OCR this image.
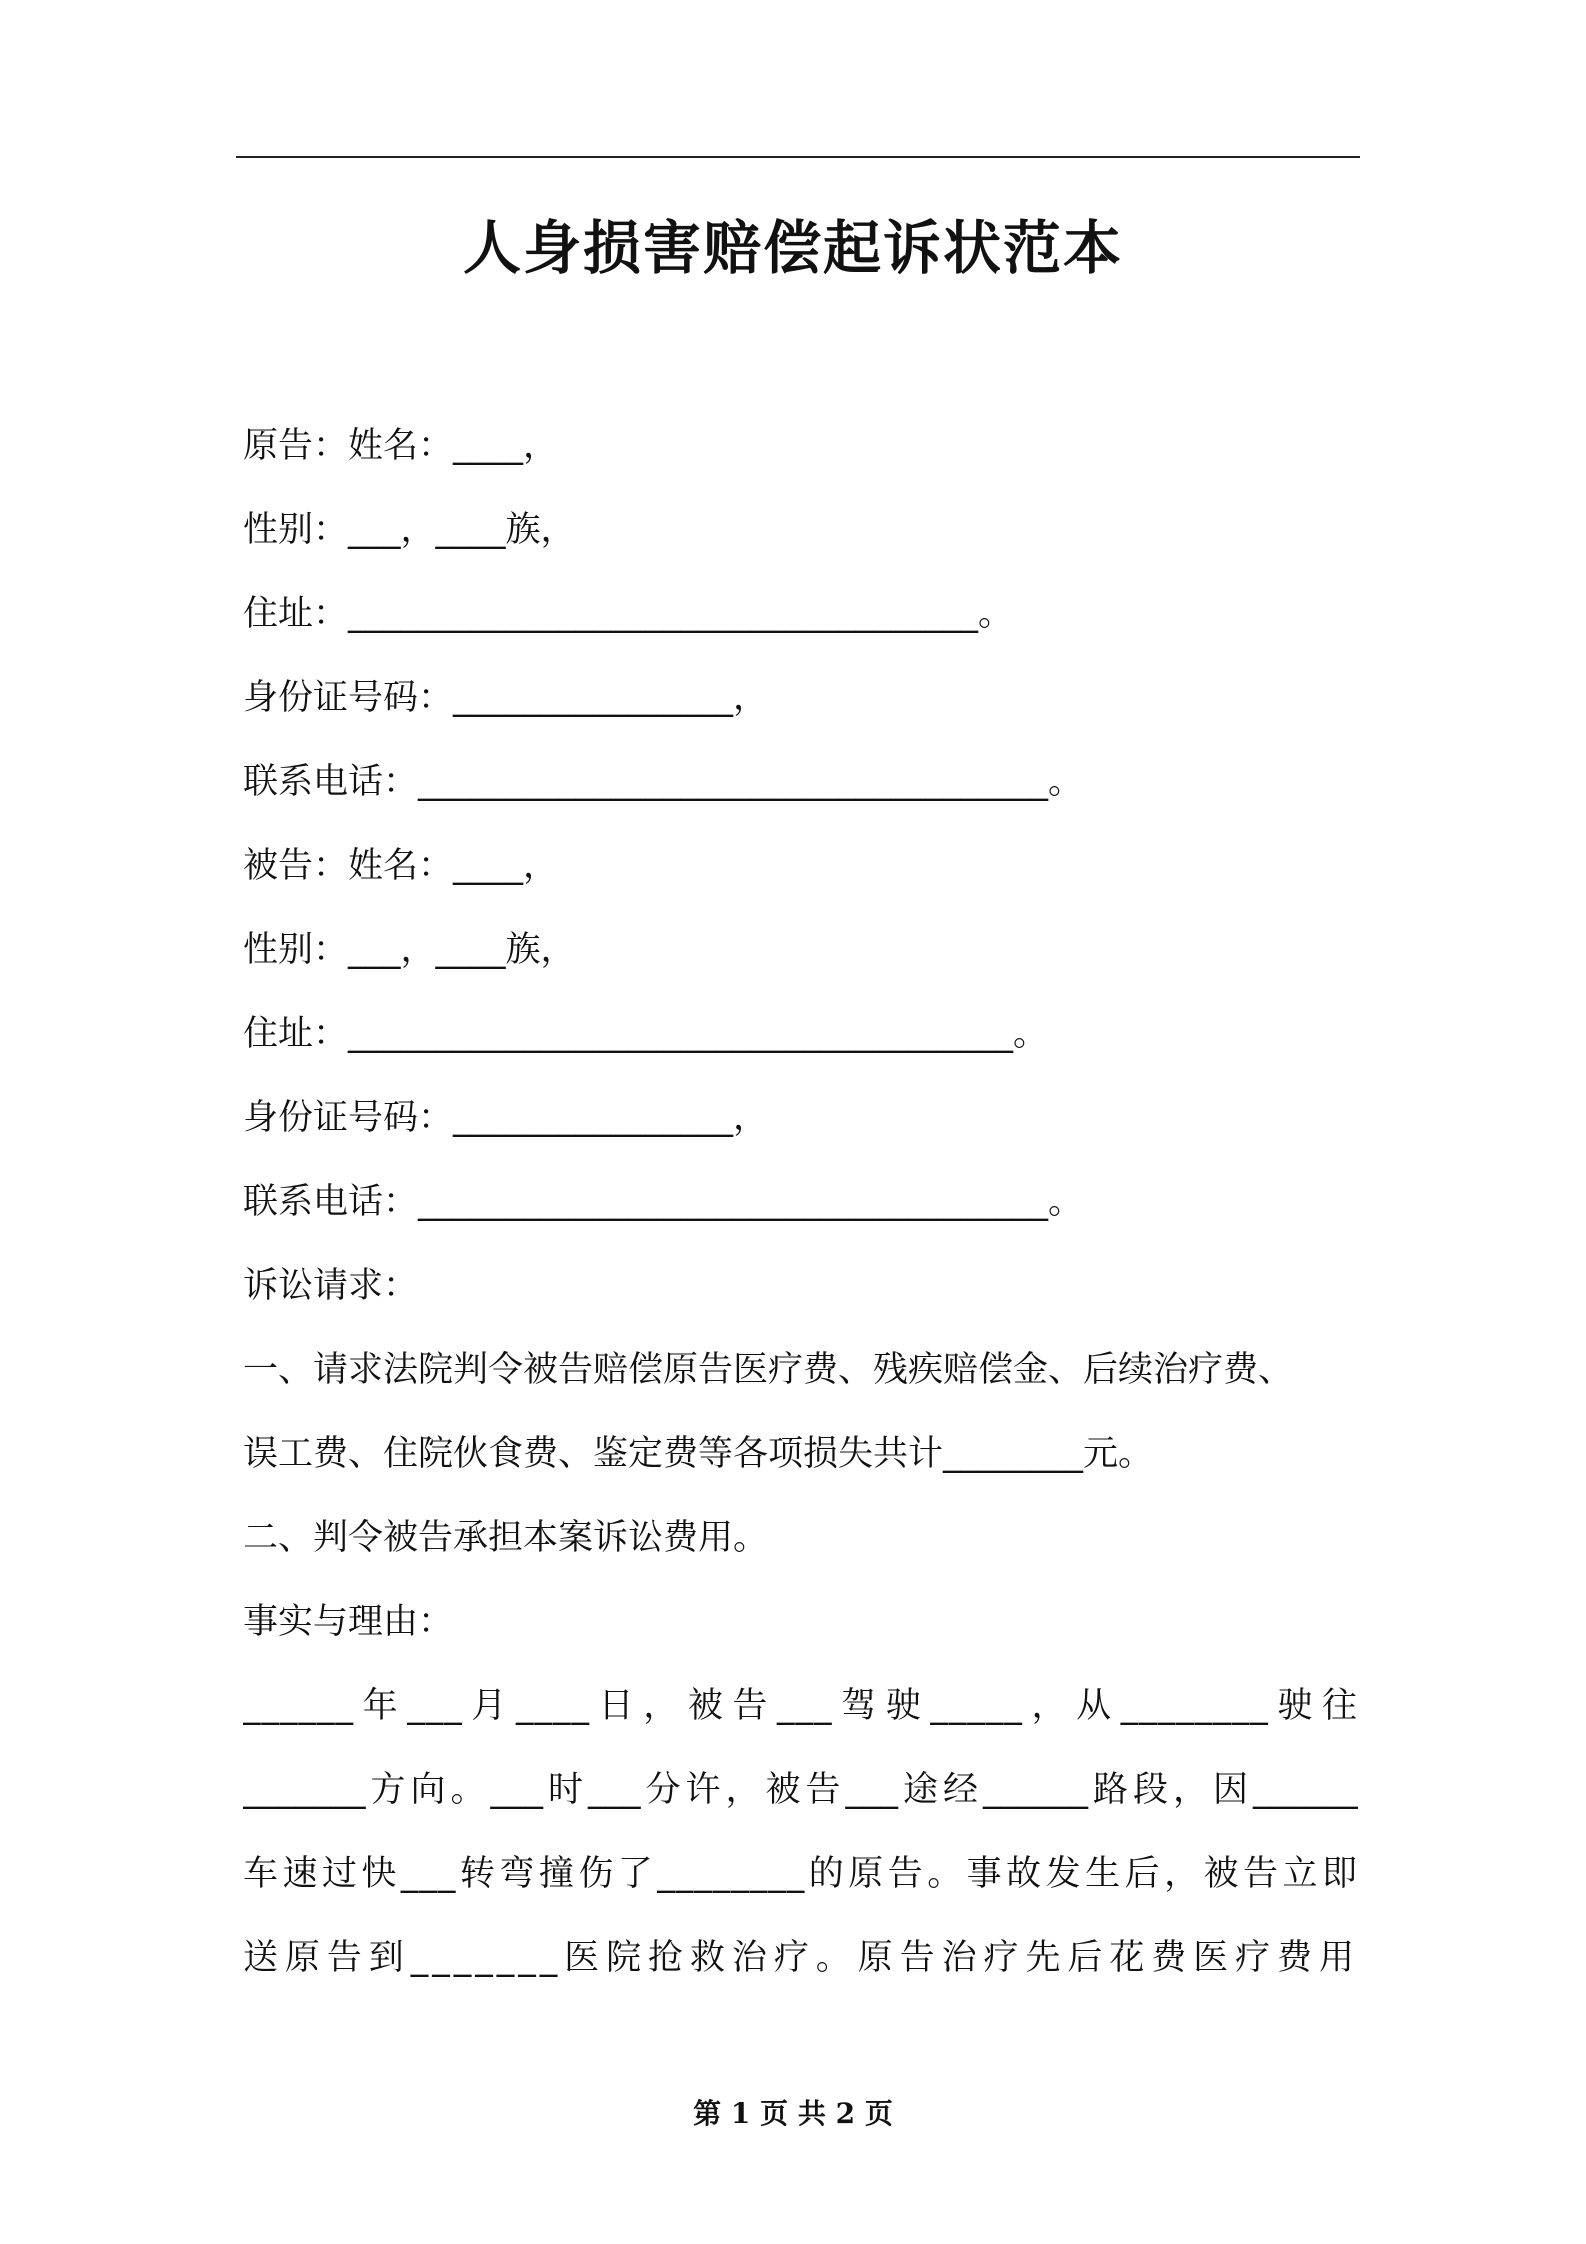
人身损害赔偿起诉状范本
原告：姓名：____，
性别：___，____族，
住址：____________________________________。
身份证号码：________________，
联系电话：____________________________________。
被告：姓名：____，
性别：___，____族，
住址：______________________________________。
身份证号码：________________，
联系电话：____________________________________。
诉讼请求：
一、请求法院判令被告赔偿原告医疗费、残疾赔偿金、后续治疗费、
误工费、住院伙食费、鉴定费等各项损失共计________元。
二、判令被告承担本案诉讼费用。
事实与理由：
______年___月____日，被告___驾驶_____，从________驶往
_______方向。___时___分许，被告___途经______路段，因______
车速过快___转弯撞伤了________的原告。事故发生后，被告立即
送原告到_______医院抢救治疗。原告治疗先后花费医疗费用
第 1 页 共 2 页
